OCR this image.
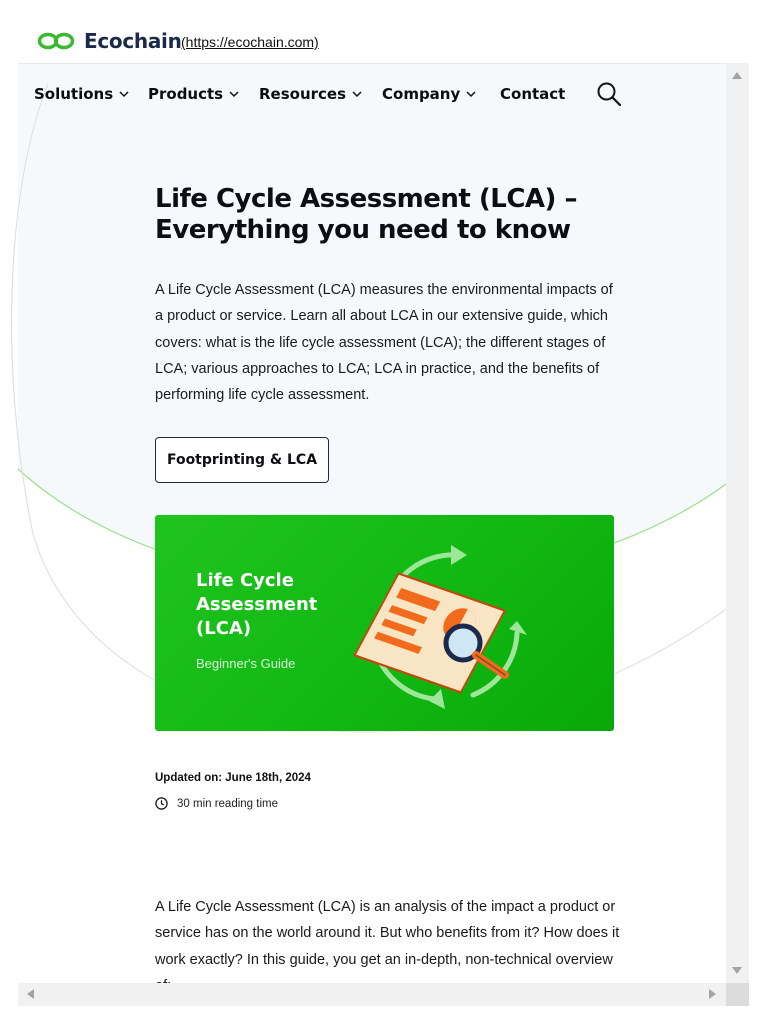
Ecochain (https://ecochain.com)
Solutions Products Resources Company	Contact
Life Cycle Assessment (LCA) – Everything you need to know

A Life Cycle Assessment (LCA) measures the environmental impacts of a product or service. Learn all about LCA in our extensive guide, which covers: what is the life cycle assessment (LCA); the different stages of LCA; various approaches to LCA; LCA in practice, and the benefits of performing life cycle assessment.

Footprinting & LCA
Life Cycle Assessment (LCA)
Beginner's Guide
Updated on: June 18th, 2024
30 min reading time

A Life Cycle Assessment (LCA) is an analysis of the impact a product or service has on the world around it. But who benefits from it? How does it work exactly? In this guide, you get an in-depth, non-technical overview
